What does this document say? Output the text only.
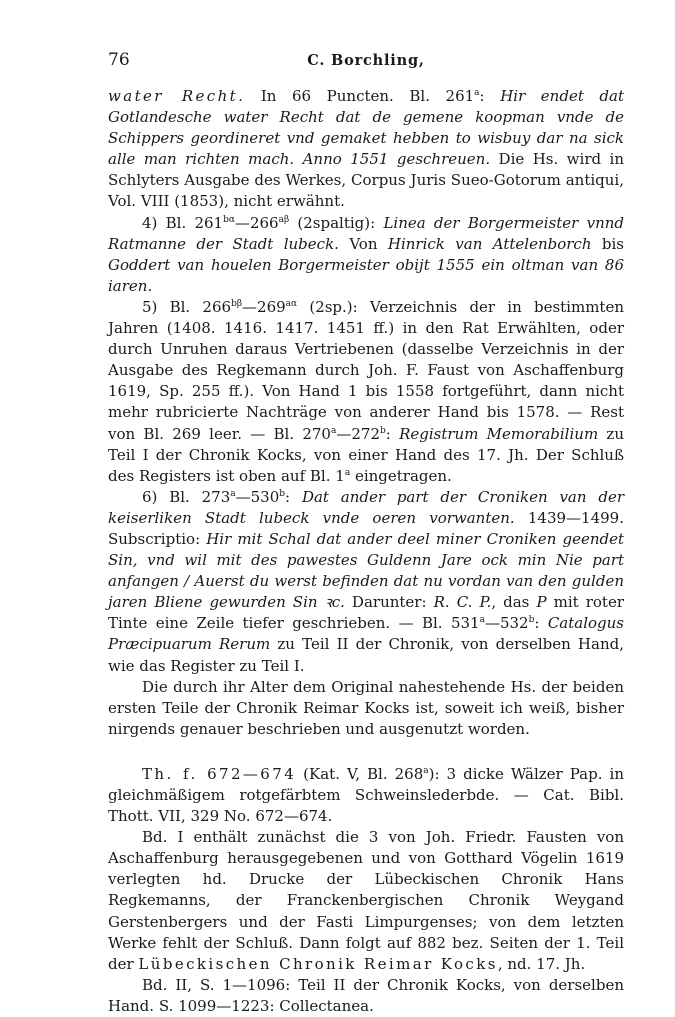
76	C. Borchling,

water Recht. In 66 Puncten. Bl. 261$^a$: Hir endet dat Gotlandesche water Recht dat de gemene koopman vnde de Schippers geordineret vnd gemaket hebben to wisbuy dar na sick alle man richten mach. Anno 1551 geschreuen. Die Hs. wird in Schlyters Ausgabe des Werkes, Corpus Juris Sueo-Gotorum antiqui, Vol. VIII (1853), nicht erwähnt.

4) Bl. $261^{b\alpha}—266^{a\beta}$ (2spaltig): Linea der Borgermeister vnnd Ratmanne der Stadt lubeck. Von Hinrick van Attelenborch bis Goddert van houelen Borgermeister obijt 1555 ein oltman van 86 iaren.

5) Bl. $266^{b\beta}—269^{a\alpha}$ (2sp.): Verzeichnis der in bestimmten Jahren (1408. 1416. 1417. 1451 ff.) in den Rat Erwählten, oder durch Unruhen daraus Vertriebenen (dasselbe Verzeichnis in der Ausgabe des Regkemann durch Joh. F. Faust von Aschaffenburg 1619, Sp. 255 ff.). Von Hand 1 bis 1558 fortgeführt, dann nicht mehr rubricierte Nachträge von anderer Hand bis 1578. — Rest von Bl. 269 leer. — Bl. 270$^a$—272$^b$: Registrum Memorabilium zu Teil I der Chronik Kocks, von einer Hand des 17. Jh. Der Schluß des Registers ist oben auf Bl. 1$^a$ eingetragen.

6) Bl. 273$^a$—530$^b$: Dat ander part der Croniken van der keiserliken Stadt lubeck vnde oeren vorwanten. 1439—1499. Subscriptio: Hir mit Schal dat ander deel miner Croniken geendet Sin, vnd wil mit des pawestes Guldenn Jare ock min Nie part anfangen / Auerst du werst befinden dat nu vordan van den gulden jaren Bliene gewurden Sin ꝛc. Darunter: R. C. P., das P mit roter Tinte eine Zeile tiefer geschrieben. — Bl. 531$^a$—532$^b$: Catalogus Præcipuarum Rerum zu Teil II der Chronik, von derselben Hand, wie das Register zu Teil I.

Die durch ihr Alter dem Original nahestehende Hs. der beiden ersten Teile der Chronik Reimar Kocks ist, soweit ich weiß, bisher nirgends genauer beschrieben und ausgenutzt worden.

Th. f. 672—674 (Kat. V, Bl. 268$^a$): 3 dicke Wälzer Pap. in gleichmäßigem rotgefärbtem Schweinslederbde. — Cat. Bibl. Thott. VII, 329 No. 672—674.

Bd. I enthält zunächst die 3 von Joh. Friedr. Fausten von Aschaffenburg herausgegebenen und von Gotthard Vögelin 1619 verlegten hd. Drucke der Lübeckischen Chronik Hans Regkemanns, der Franckenbergischen Chronik Weygand Gerstenbergers und der Fasti Limpurgenses; von dem letzten Werke fehlt der Schluß. Dann folgt auf 882 bez. Seiten der 1. Teil der Lübeckischen Chronik Reimar Kocks, nd. 17. Jh.

Bd. II, S. 1—1096: Teil II der Chronik Kocks, von derselben Hand. S. 1099—1223: Collectanea.
